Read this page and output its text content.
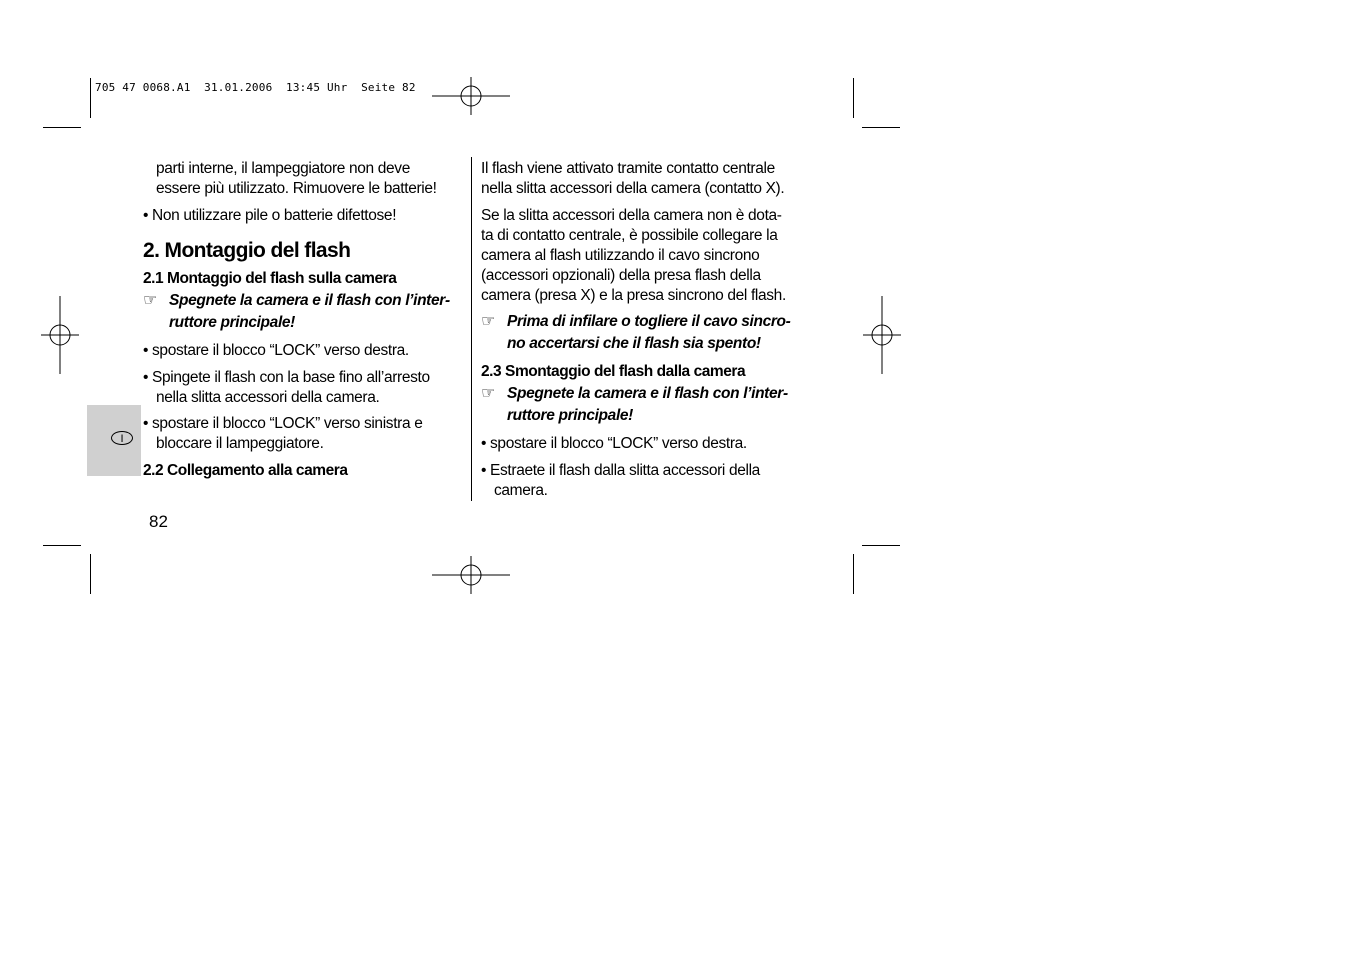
705 47 0068.A1  31.01.2006  13:45 Uhr  Seite 82
I

parti interne, il lampeggiatore non deve
essere più utilizzato. Rimuovere le batterie!

• Non utilizzare pile o batterie difettose!

2. Montaggio del flash

2.1 Montaggio del flash sulla camera

☞ Spegnete la camera e il flash con l’inter-
ruttore principale!

• spostare il blocco “LOCK” verso destra.

• Spingete il flash con la base fino all’arresto
nella slitta accessori della camera.

• spostare il blocco “LOCK” verso sinistra e
bloccare il lampeggiatore.

2.2 Collegamento alla camera

Il flash viene attivato tramite contatto centrale
nella slitta accessori della camera (contatto X).

Se la slitta accessori della camera non è dota-
ta di contatto centrale, è possibile collegare la
camera al flash utilizzando il cavo sincrono
(accessori opzionali) della presa flash della
camera (presa X) e la presa sincrono del flash.

☞ Prima di infilare o togliere il cavo sincro-
no accertarsi che il flash sia spento!

2.3 Smontaggio del flash dalla camera

☞ Spegnete la camera e il flash con l’inter-
ruttore principale!

• spostare il blocco “LOCK” verso destra.

• Estraete il flash dalla slitta accessori della
camera.

82
